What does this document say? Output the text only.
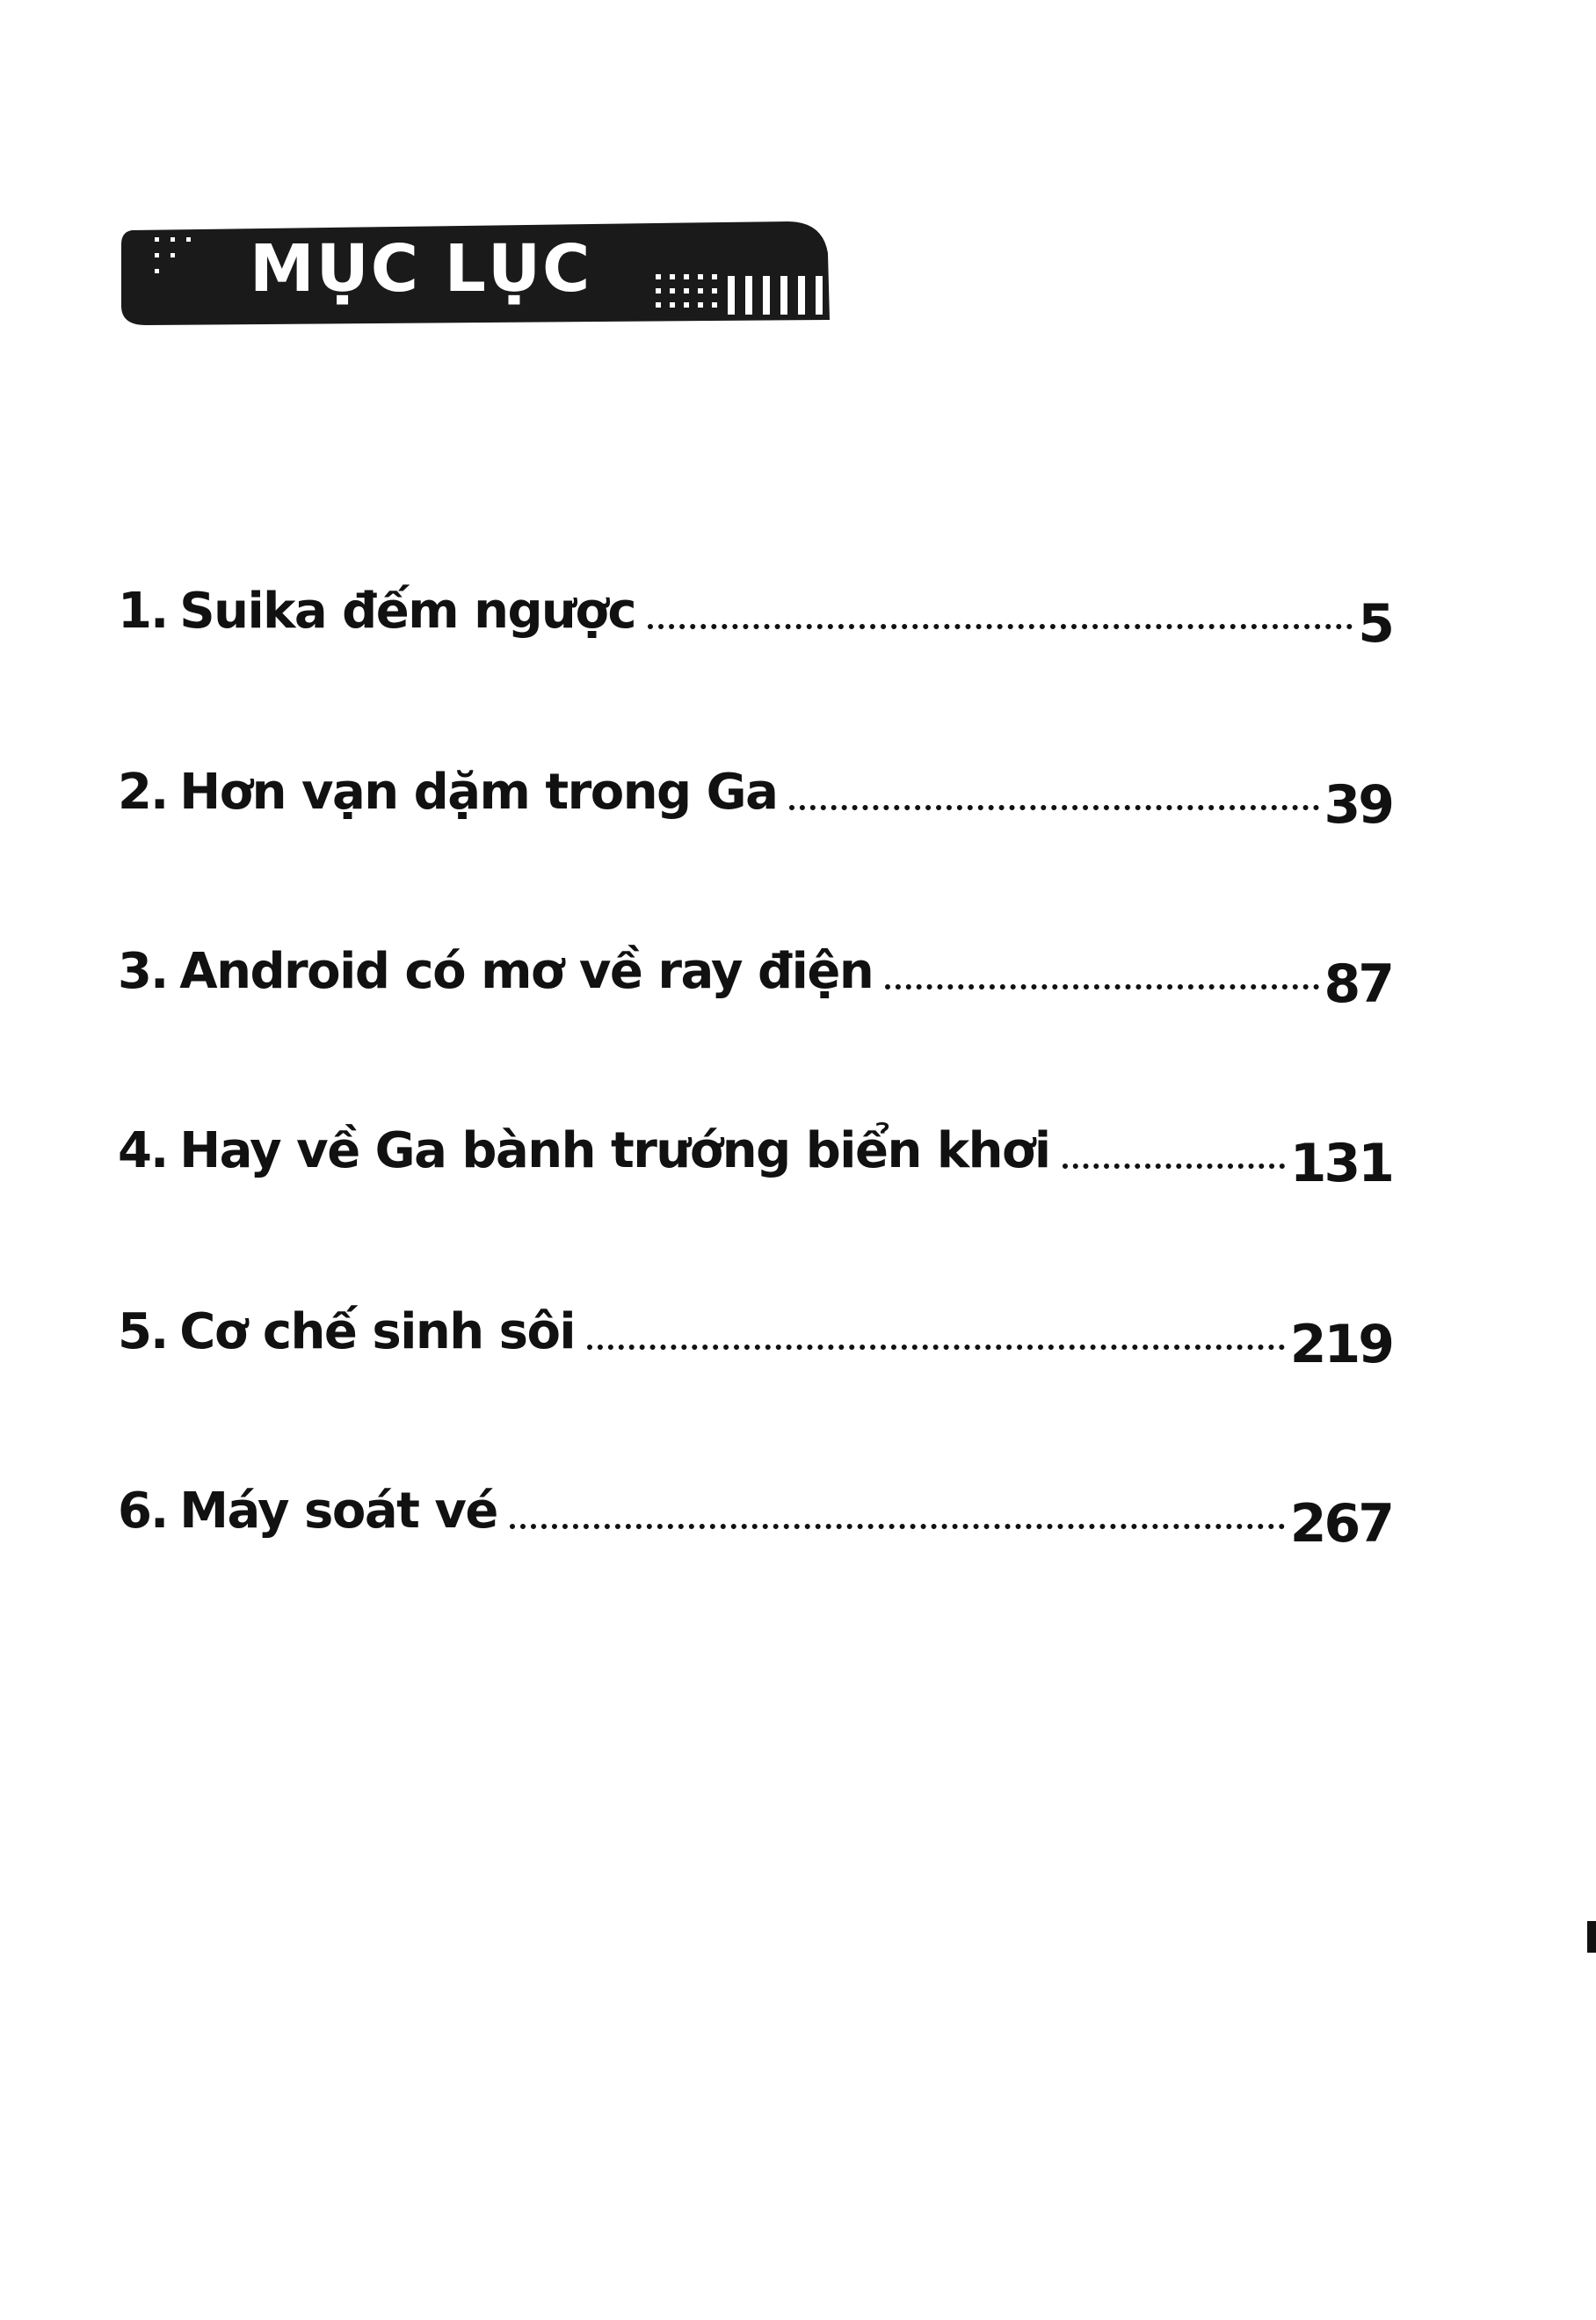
MỤC LỤC
1. Suika đếm ngược	5
2. Hơn vạn dặm trong Ga	39
3. Android có mơ về ray điện	87
4. Hay về Ga bành trướng biển khơi	131
5. Cơ chế sinh sôi	219
6. Máy soát vé	267
